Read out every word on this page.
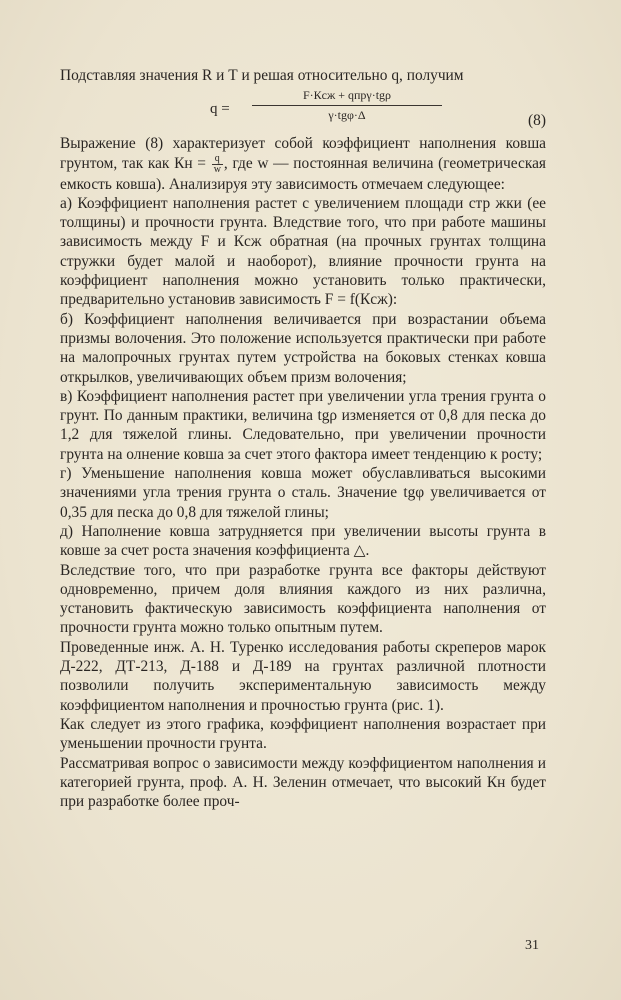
Подставляя значения R и Т и решая относительно q, получим

q =
F·Кcж + qпрγ·tgρ
γ·tgφ·Δ	(8)

Выражение (8) характеризует собой коэффициент наполнения ковша грунтом, так как Кн = $\frac{q}{w}$ , где w — постоянная величина (геометрическая емкость ковша). Анализируя эту зависимость отмечаем следующее:

а) Коэффициент наполнения растет с увеличением площади стр жки (ее толщины) и прочности грунта. Вледствие того, что при работе машины зависимость между F и Кcж обратная (на прочных грунтах толщина стружки будет малой и наоборот), влияние прочности грунта на коэффициент наполнения можно установить только практически, предварительно установив зависимость F = f(Кcж):

б) Коэффициент наполнения величивается при возрастании объема призмы волочения. Это положение используется практически при работе на малопрочных грунтах путем устройства на боковых стенках ковша открылков, увеличивающих объем призм волочения;

в) Коэффициент наполнения растет при увеличении угла трения грунта о грунт. По данным практики, величина tgρ изменяется от 0,8 для песка до 1,2 для тяжелой глины. Следовательно, при увеличении прочности грунта на олнение ковша за счет этого фактора имеет тенденцию к росту;

г) Уменьшение наполнения ковша может обуславливаться высокими значениями угла трения грунта о сталь. Значение tgφ увеличивается от 0,35 для песка до 0,8 для тяжелой глины;

д) Наполнение ковша затрудняется при увеличении высоты грунта в ковше за счет роста значения коэффициента △.

Вследствие того, что при разработке грунта все факторы действуют одновременно, причем доля влияния каждого из них различна, установить фактическую зависимость коэффициента наполнения от прочности грунта можно только опытным путем.

Проведенные инж. А. Н. Туренко исследования работы скреперов марок Д-222, ДТ-213, Д-188 и Д-189 на грунтах различной плотности позволили получить экспериментальную зависимость между коэффициентом наполнения и прочностью грунта (рис. 1).

Как следует из этого графика, коэффициент наполнения возрастает при уменьшении прочности грунта.

Рассматривая вопрос о зависимости между коэффициентом наполнения и категорией грунта, проф. А. Н. Зеленин отмечает, что высокий Кн будет при разработке более проч-

31
